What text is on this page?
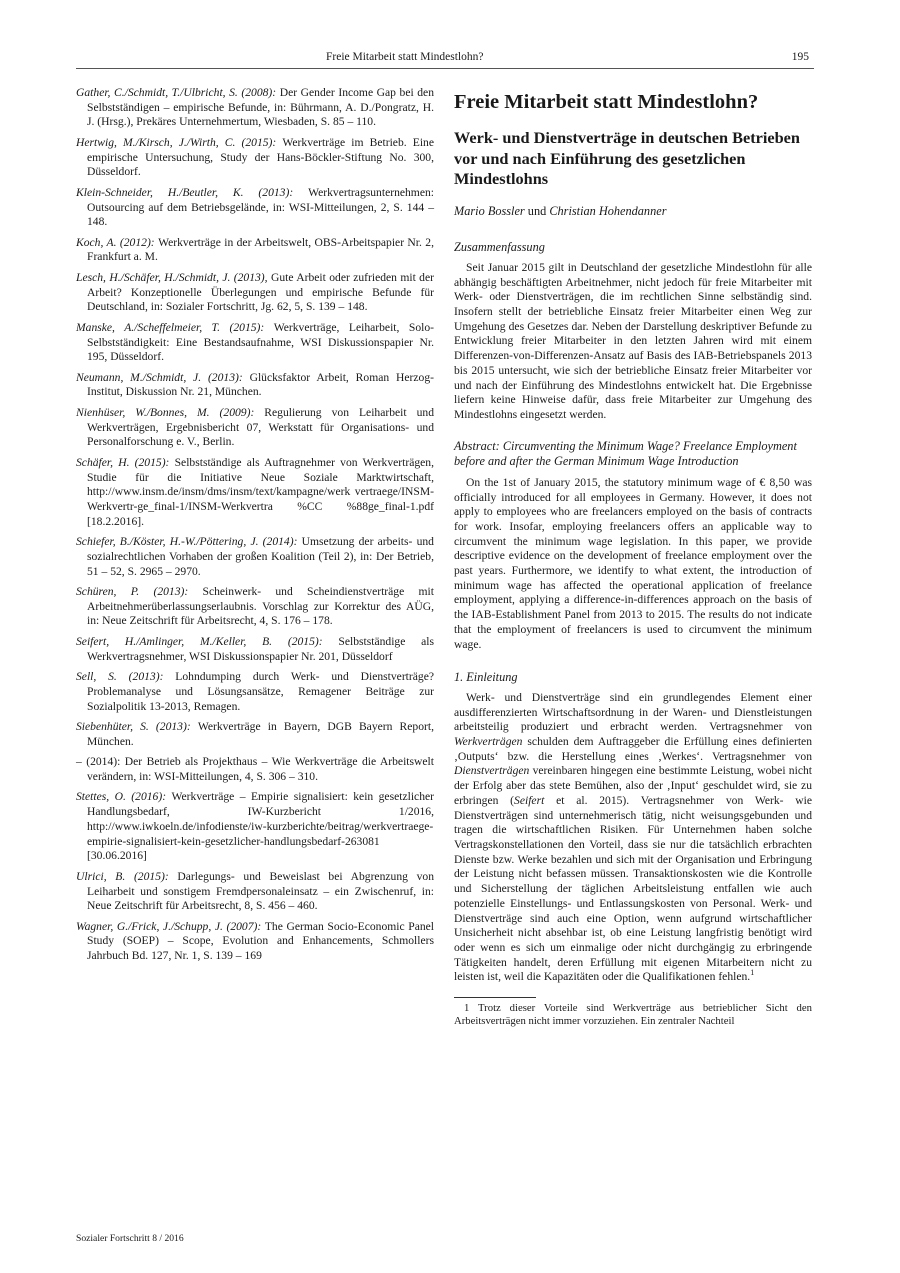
Freie Mitarbeit statt Mindestlohn?	195

Gather, C./Schmidt, T./Ulbricht, S. (2008): Der Gender Income Gap bei den Selbstständigen – empirische Befunde, in: Bührmann, A. D./Pongratz, H. J. (Hrsg.), Prekäres Unternehmertum, Wiesbaden, S. 85 – 110.

Hertwig, M./Kirsch, J./Wirth, C. (2015): Werkverträge im Betrieb. Eine empirische Untersuchung, Study der Hans-Böckler-Stiftung No. 300, Düsseldorf.

Klein-Schneider, H./Beutler, K. (2013): Werkvertragsunternehmen: Outsourcing auf dem Betriebsgelände, in: WSI-Mitteilungen, 2, S. 144 – 148.

Koch, A. (2012): Werkverträge in der Arbeitswelt, OBS-Arbeitspapier Nr. 2, Frankfurt a. M.

Lesch, H./Schäfer, H./Schmidt, J. (2013), Gute Arbeit oder zufrieden mit der Arbeit? Konzeptionelle Überlegungen und empirische Befunde für Deutschland, in: Sozialer Fortschritt, Jg. 62, 5, S. 139 – 148.

Manske, A./Scheffelmeier, T. (2015): Werkverträge, Leiharbeit, Solo-Selbstständigkeit: Eine Bestandsaufnahme, WSI Diskussionspapier Nr. 195, Düsseldorf.

Neumann, M./Schmidt, J. (2013): Glücksfaktor Arbeit, Roman Herzog-Institut, Diskussion Nr. 21, München.

Nienhüser, W./Bonnes, M. (2009): Regulierung von Leiharbeit und Werkverträgen, Ergebnisbericht 07, Werkstatt für Organisations- und Personalforschung e. V., Berlin.

Schäfer, H. (2015): Selbstständige als Auftragnehmer von Werkverträgen, Studie für die Initiative Neue Soziale Marktwirtschaft, http://www.insm.de/insm/dms/insm/text/kampagne/werk vertraege/INSM-Werkvertr-ge_final-1/INSM-Werkvertra %CC %88ge_final-1.pdf [18.2.2016].

Schiefer, B./Köster, H.-W./Pöttering, J. (2014): Umsetzung der arbeits- und sozialrechtlichen Vorhaben der großen Koalition (Teil 2), in: Der Betrieb, 51 – 52, S. 2965 – 2970.

Schüren, P. (2013): Scheinwerk- und Scheindienstverträge mit Arbeitnehmerüberlassungserlaubnis. Vorschlag zur Korrektur des AÜG, in: Neue Zeitschrift für Arbeitsrecht, 4, S. 176 – 178.

Seifert, H./Amlinger, M./Keller, B. (2015): Selbstständige als Werkvertragsnehmer, WSI Diskussionspapier Nr. 201, Düsseldorf

Sell, S. (2013): Lohndumping durch Werk- und Dienstverträge? Problemanalyse und Lösungsansätze, Remagener Beiträge zur Sozialpolitik 13-2013, Remagen.

Siebenhüter, S. (2013): Werkverträge in Bayern, DGB Bayern Report, München.

– (2014): Der Betrieb als Projekthaus – Wie Werkverträge die Arbeitswelt verändern, in: WSI-Mitteilungen, 4, S. 306 – 310.

Stettes, O. (2016): Werkverträge – Empirie signalisiert: kein gesetzlicher Handlungsbedarf, IW-Kurzbericht 1/2016, http://www.iwkoeln.de/infodienste/iw-kurzberichte/beitrag/werkvertraege-empirie-signalisiert-kein-gesetzlicher-handlungsbedarf-263081 [30.06.2016]

Ulrici, B. (2015): Darlegungs- und Beweislast bei Abgrenzung von Leiharbeit und sonstigem Fremdpersonaleinsatz – ein Zwischenruf, in: Neue Zeitschrift für Arbeitsrecht, 8, S. 456 – 460.

Wagner, G./Frick, J./Schupp, J. (2007): The German Socio-Economic Panel Study (SOEP) – Scope, Evolution and Enhancements, Schmollers Jahrbuch Bd. 127, Nr. 1, S. 139 – 169

Freie Mitarbeit statt Mindestlohn?
Werk- und Dienstverträge in deutschen Betrieben vor und nach Einführung des gesetzlichen Mindestlohns
Mario Bossler und Christian Hohendanner
Zusammenfassung

Seit Januar 2015 gilt in Deutschland der gesetzliche Mindestlohn für alle abhängig beschäftigten Arbeitnehmer, nicht jedoch für freie Mitarbeiter mit Werk- oder Dienstverträgen, die im rechtlichen Sinne selbständig sind. Insofern stellt der betriebliche Einsatz freier Mitarbeiter einen Weg zur Umgehung des Gesetzes dar. Neben der Darstellung deskriptiver Befunde zu Entwicklung freier Mitarbeiter in den letzten Jahren wird mit einem Differenzen-von-Differenzen-Ansatz auf Basis des IAB-Betriebspanels 2013 bis 2015 untersucht, wie sich der betriebliche Einsatz freier Mitarbeiter vor und nach der Einführung des Mindestlohns entwickelt hat. Die Ergebnisse liefern keine Hinweise dafür, dass freie Mitarbeiter zur Umgehung des Mindestlohns eingesetzt werden.

Abstract: Circumventing the Minimum Wage? Freelance Employment before and after the German Minimum Wage Introduction

On the 1st of January 2015, the statutory minimum wage of € 8,50 was officially introduced for all employees in Germany. However, it does not apply to employees who are freelancers employed on the basis of contracts for work. Insofar, employing freelancers offers an applicable way to circumvent the minimum wage legislation. In this paper, we provide descriptive evidence on the development of freelance employment over the past years. Furthermore, we identify to what extent, the introduction of minimum wage has affected the operational application of freelance employment, applying a difference-in-differences approach on the basis of the IAB-Establishment Panel from 2013 to 2015. The results do not indicate that the employment of freelancers is used to circumvent the minimum wage.

1. Einleitung

Werk- und Dienstverträge sind ein grundlegendes Element einer ausdifferenzierten Wirtschaftsordnung in der Waren- und Dienstleistungen arbeitsteilig produziert und erbracht werden. Vertragsnehmer von Werkverträgen schulden dem Auftraggeber die Erfüllung eines definierten ‚Outputs‘ bzw. die Herstellung eines ‚Werkes‘. Vertragsnehmer von Dienstverträgen vereinbaren hingegen eine bestimmte Leistung, wobei nicht der Erfolg aber das stete Bemühen, also der ‚Input‘ geschuldet wird, sie zu erbringen (Seifert et al. 2015). Vertragsnehmer von Werk- wie Dienstverträgen sind unternehmerisch tätig, nicht weisungsgebunden und tragen die wirtschaftlichen Risiken. Für Unternehmen haben solche Vertragskonstellationen den Vorteil, dass sie nur die tatsächlich erbrachten Dienste bzw. Werke bezahlen und sich mit der Organisation und Erbringung der Leistung nicht befassen müssen. Transaktionskosten wie die Kontrolle und Sicherstellung der täglichen Arbeitsleistung entfallen wie auch potenzielle Einstellungs- und Entlassungskosten von Personal. Werk- und Dienstverträge sind auch eine Option, wenn aufgrund wirtschaftlicher Unsicherheit nicht absehbar ist, ob eine Leistung langfristig benötigt wird oder wenn es sich um einmalige oder nicht durchgängig zu erbringende Tätigkeiten handelt, deren Erfüllung mit eigenen Mitarbeitern nicht zu leisten ist, weil die Kapazitäten oder die Qualifikationen fehlen.$^1$

1 Trotz dieser Vorteile sind Werkverträge aus betrieblicher Sicht den Arbeitsverträgen nicht immer vorzuziehen. Ein zentraler Nachteil

Sozialer Fortschritt 8 / 2016
